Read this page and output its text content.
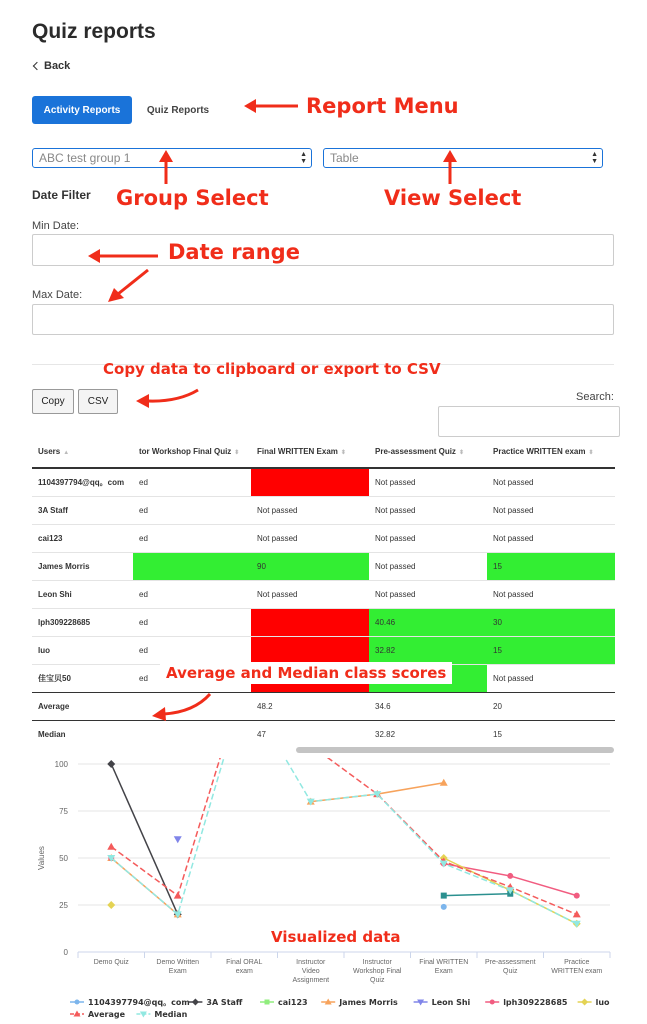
Quiz reports
Back
Activity Reports	Quiz Reports	Report Menu
ABC test group 1	▲
▼	Table	▲
▼
Group Select	View Select
Date Filter
Min Date:
Max Date:
Date range
Copy data to clipboard or export to CSV
Copy	CSV	Search:
Users ▲	tor Workshop Final Quiz ⬍	Final WRITTEN Exam ⬍	Pre-assessment Quiz ⬍	Practice WRITTEN exam ⬍
1104397794@qq。com	ed		Not passed	Not passed
3A Staff	ed	Not passed	Not passed	Not passed
cai123	ed	Not passed	Not passed	Not passed
James Morris		90	Not passed	15
Leon Shi	ed	Not passed	Not passed	Not passed
lph309228685	ed		40.46	30
luo	ed		32.82	15
佳宝贝50	ed			Not passed
Average		48.2	34.6	20
Median		47	32.82	15
Average and Median class scores
0
25
50
75
100
Values
Demo Quiz	Demo Written Exam
Final ORAL exam
Instructor Video Assignment
Instructor Workshop Final Quiz
Final WRITTEN Exam
Pre-assessment Quiz
Practice WRITTEN exam
1104397794@qq。com 3A Staff	cai123	James Morris	Leon Shi	lph309228685	luo
Average	Median
Visualized data
